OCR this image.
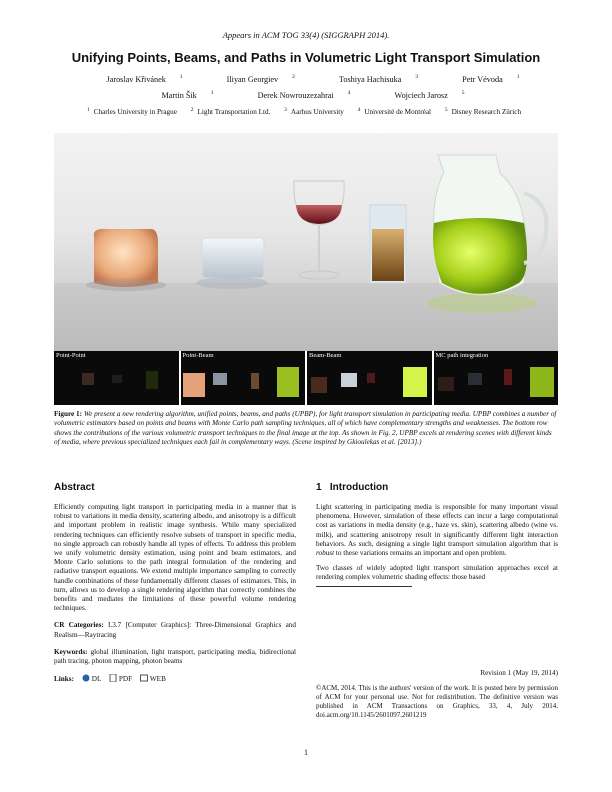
Appears in ACM TOG 33(4) (SIGGRAPH 2014).
Unifying Points, Beams, and Paths in Volumetric Light Transport Simulation
Jaroslav Křivánek	$^1$	Iliyan Georgiev	$^2$	Toshiya Hachisuka	$^3$	Petr Vévoda	$^1$
Martin Šik	$^1$	Derek Nowrouzezahrai	$^4$	Wojciech Jarosz	$^5$
$^1$ Charles University in Prague	$^2$ Light Transportation Ltd.	$^3$ Aarhus University	$^4$ Université de Montréal	$^5$ Disney Research Zürich
Point-Point	Point-Beam	Beam-Beam	MC path integration
Figure 1: We present a new rendering algorithm, unified points, beams, and paths (UPBP), for light transport simulation in participating media. UPBP combines a number of volumetric estimators based on points and beams with Monte Carlo path sampling techniques, all of which have complementary strengths and weaknesses. The bottom row shows the contributions of the various volumetric transport techniques to the final image at the top. As shown in Fig. 2, UPBP excels at rendering scenes with different kinds of media, where previous specialized techniques each fail in complementary ways. (Scene inspired by Gkioulekas et al. [2013].)
Abstract

Efficiently computing light transport in participating media in a manner that is robust to variations in media density, scattering albedo, and anisotropy is a difficult and important problem in realistic image synthesis. While many specialized rendering techniques can efficiently resolve subsets of transport in specific media, no single approach can robustly handle all types of effects. To address this problem we unify volumetric density estimation, using point and beam estimators, and Monte Carlo solutions to the path integral formulation of the rendering and radiative transport equations. We extend multiple importance sampling to correctly handle combinations of these fundamentally different classes of estimators. This, in turn, allows us to develop a single rendering algorithm that correctly combines the benefits and mediates the limitations of these powerful volume rendering techniques.

CR Categories: I.3.7 [Computer Graphics]: Three-Dimensional Graphics and Realism—Raytracing

Keywords: global illumination, light transport, participating media, bidirectional path tracing, photon mapping, photon beams

Links: DL PDF WEB

1 Introduction

Light scattering in participating media is responsible for many important visual phenomena. However, simulation of these effects can incur a large computational cost as variations in media density (e.g., haze vs. skin), scattering albedo (wine vs. milk), and scattering anisotropy result in significantly different light interaction behaviors. As such, designing a single light transport simulation algorithm that is robust to these variations remains an important and open problem.

Two classes of widely adopted light transport simulation approaches excel at rendering complex volumetric shading effects: those based

Revision 1 (May 19, 2014)
©ACM, 2014. This is the authors' version of the work. It is posted here by permission of ACM for your personal use. Not for redistribution. The definitive version was published in ACM Transactions on Graphics, 33, 4, July 2014. doi.acm.org/10.1145/2601097.2601219
1
